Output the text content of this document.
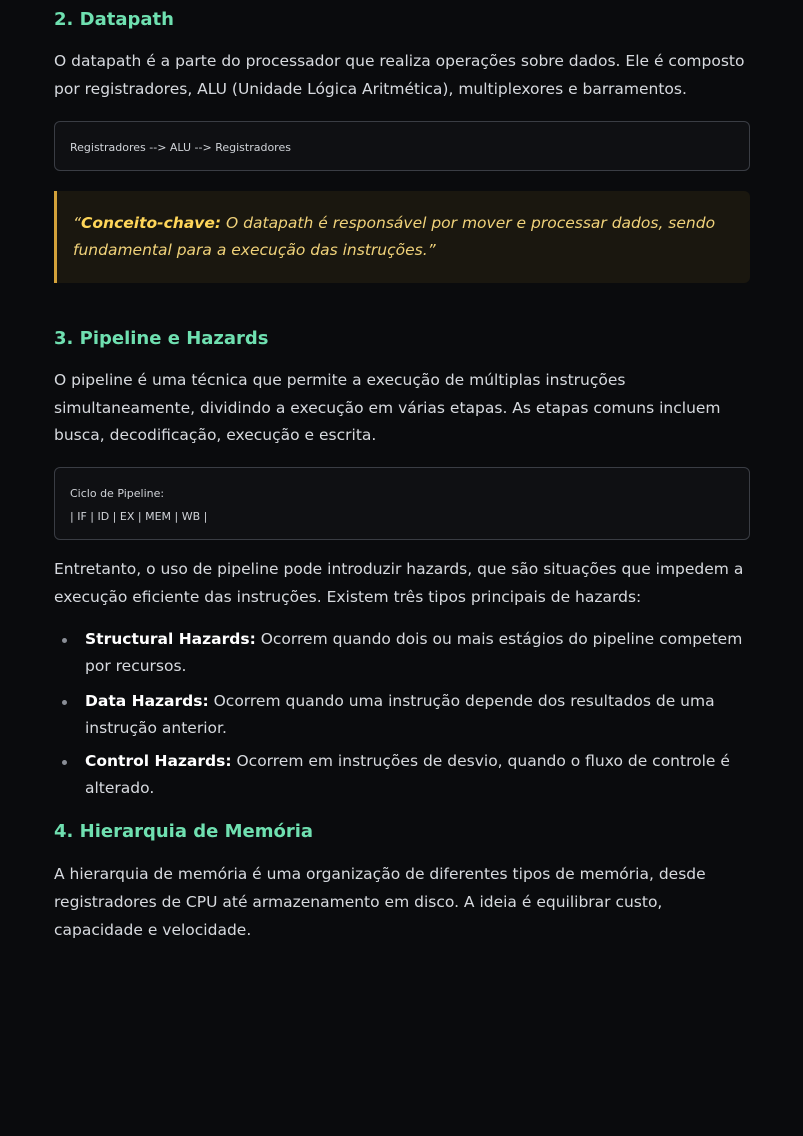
2. Datapath

O datapath é a parte do processador que realiza operações sobre dados. Ele é composto por registradores, ALU (Unidade Lógica Aritmética), multiplexores e barramentos.

Registradores --> ALU --> Registradores
“Conceito-chave: O datapath é responsável por mover e processar dados, sendo fundamental para a execução das instruções.”
3. Pipeline e Hazards

O pipeline é uma técnica que permite a execução de múltiplas instruções simultaneamente, dividindo a execução em várias etapas. As etapas comuns incluem busca, decodificação, execução e escrita.

Ciclo de Pipeline:
| IF | ID | EX | MEM | WB |

Entretanto, o uso de pipeline pode introduzir hazards, que são situações que impedem a execução eficiente das instruções. Existem três tipos principais de hazards:

Structural Hazards: Ocorrem quando dois ou mais estágios do pipeline competem por recursos.
Data Hazards: Ocorrem quando uma instrução depende dos resultados de uma instrução anterior.
Control Hazards: Ocorrem em instruções de desvio, quando o fluxo de controle é alterado.
4. Hierarquia de Memória

A hierarquia de memória é uma organização de diferentes tipos de memória, desde registradores de CPU até armazenamento em disco. A ideia é equilibrar custo, capacidade e velocidade.
